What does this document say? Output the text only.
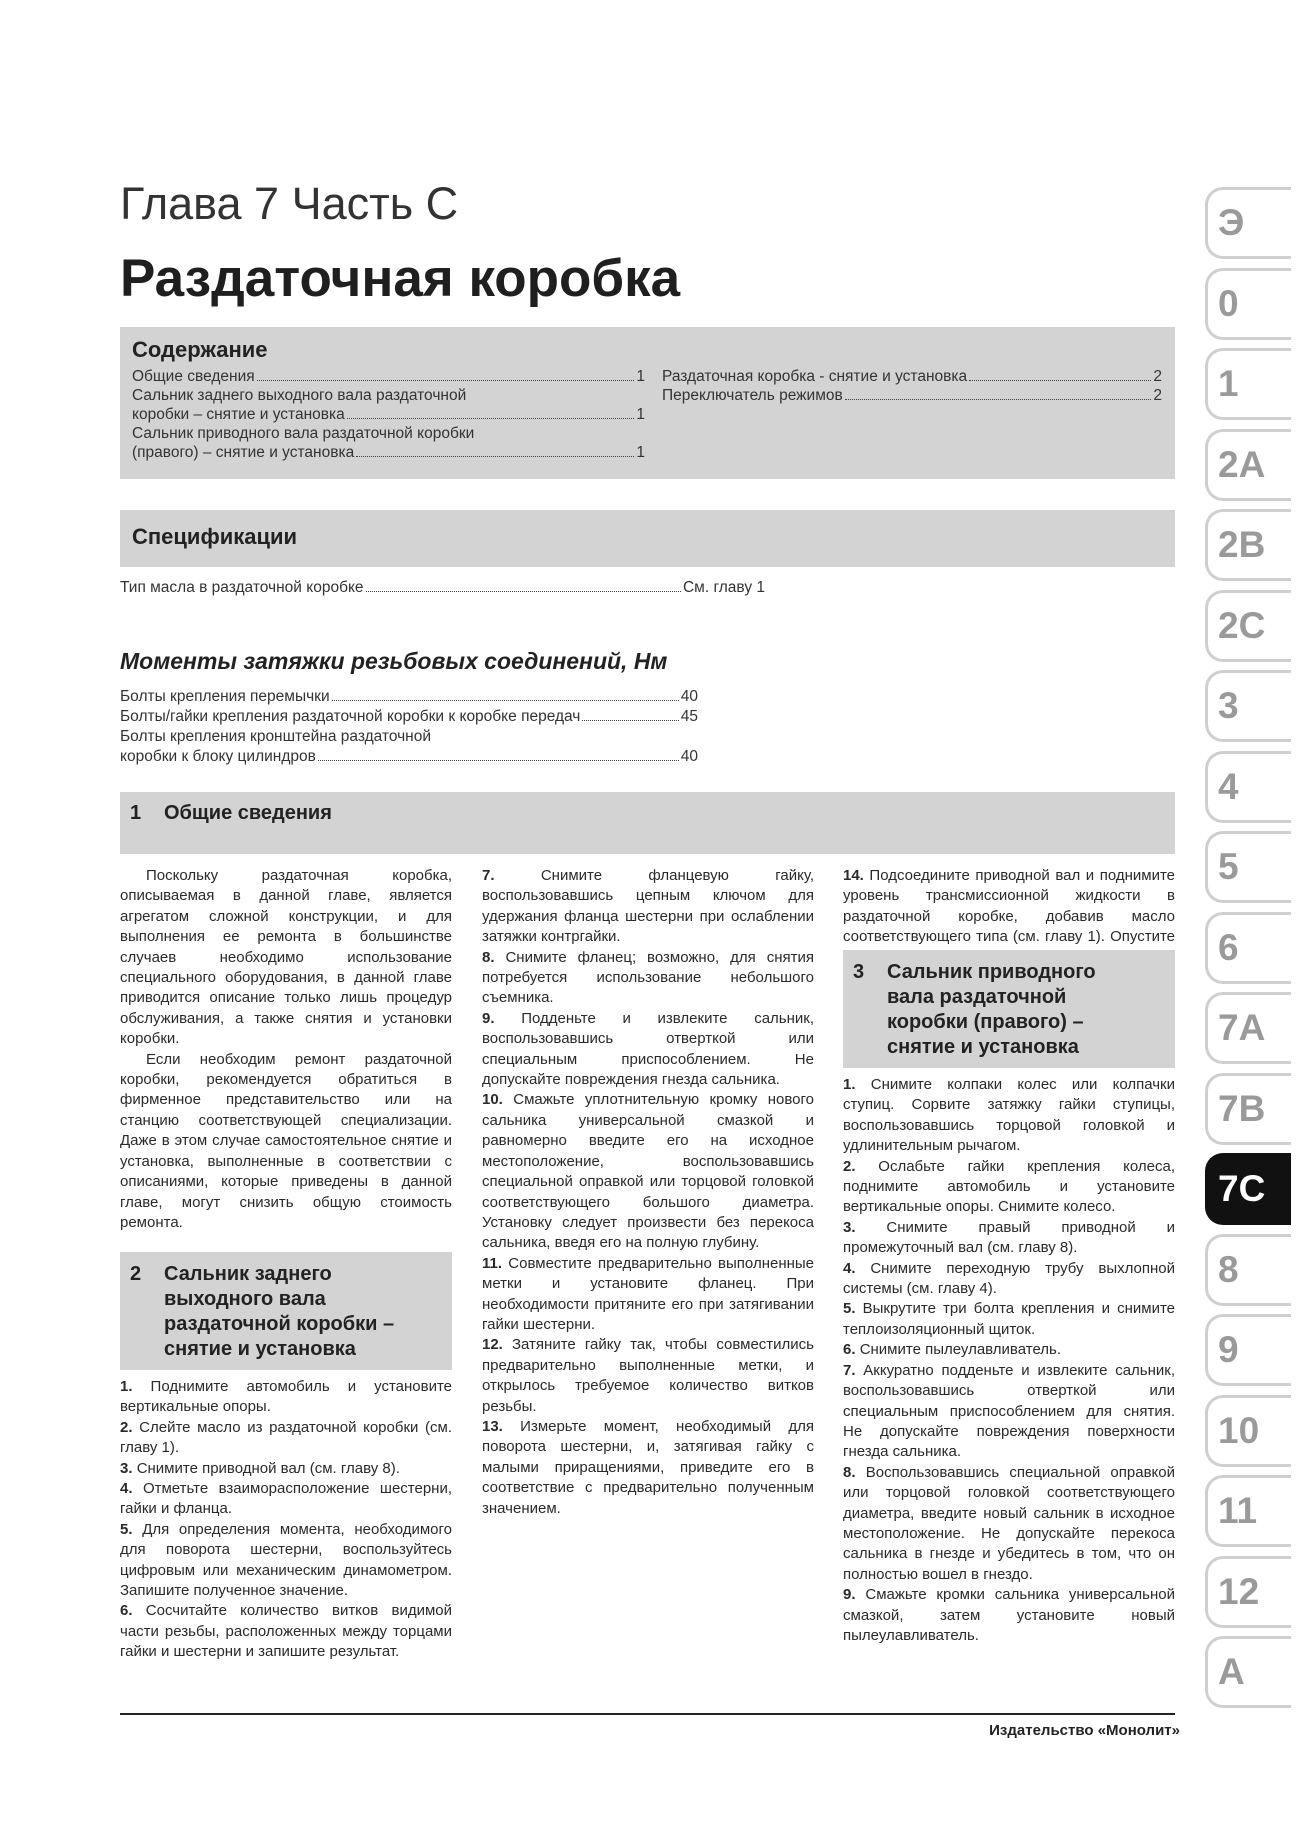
Глава 7 Часть С
Раздаточная коробка
Содержание
Общие сведения	1
Сальник заднего выходного вала раздаточной
коробки – снятие и установка	1
Сальник приводного вала раздаточной коробки
(правого) – снятие и установка	1
Раздаточная коробка - снятие и установка	2
Переключатель режимов	2
Спецификации
Тип масла в раздаточной коробке	См. главу 1
Моменты затяжки резьбовых соединений, Нм
Болты крепления перемычки	40
Болты/гайки крепления раздаточной коробки к коробке передач	45
Болты крепления кронштейна раздаточной
коробки к блоку цилиндров	40
1 Общие сведения

Поскольку раздаточная коробка, описываемая в данной главе, является агрегатом сложной конструкции, и для выполнения ее ремонта в большинстве случаев необходимо использование специального оборудования, в данной главе приводится описание только лишь процедур обслуживания, а также снятия и установки коробки.

Если необходим ремонт раздаточной коробки, рекомендуется обратиться в фирменное представительство или на станцию соответствующей специализации. Даже в этом случае самостоятельное снятие и установка, выполненные в соответствии с описаниями, которые приведены в данной главе, могут снизить общую стоимость ремонта.

2 Сальник заднего
выходного вала
раздаточной коробки –
снятие и установка

1. Поднимите автомобиль и установите вертикальные опоры.

2. Слейте масло из раздаточной коробки (см. главу 1).

3. Снимите приводной вал (см. главу 8).

4. Отметьте взаиморасположение шестерни, гайки и фланца.

5. Для определения момента, необходимого для поворота шестерни, воспользуйтесь цифровым или механическим динамометром. Запишите полученное значение.

6. Сосчитайте количество витков видимой части резьбы, расположенных между торцами гайки и шестерни и запишите результат.

7.	Снимите фланцевую гайку, воспользовавшись цепным ключом для удержания фланца шестерни при ослаблении затяжки контргайки.

8. Снимите фланец; возможно, для снятия потребуется использование небольшого съемника.

9. Подденьте и извлеките сальник, воспользовавшись отверткой или специальным приспособлением. Не допускайте повреждения гнезда сальника.

10. Смажьте уплотнительную кромку нового сальника универсальной смазкой и равномерно введите его на исходное местоположение, воспользовавшись специальной оправкой или торцовой головкой соответствующего большого диаметра. Установку следует произвести без перекоса сальника, введя его на полную глубину.

11. Совместите предварительно выполненные метки и установите фланец. При необходимости притяните его при затягивании гайки шестерни.

12. Затяните гайку так, чтобы совместились предварительно выполненные метки, и открылось требуемое количество витков резьбы.

13. Измерьте момент, необходимый для поворота шестерни, и, затягивая гайку с малыми приращениями, приведите его в соответствие с предварительно полученным значением.

14. Подсоедините приводной вал и поднимите уровень трансмиссионной жидкости в раздаточной коробке, добавив масло соответствующего типа (см. главу 1). Опустите

3 Сальник приводного
вала раздаточной
коробки (правого) –
снятие и установка

1. Снимите колпаки колес или колпачки ступиц. Сорвите затяжку гайки ступицы, воспользовавшись торцовой головкой и удлинительным рычагом.

2. Ослабьте гайки крепления колеса, поднимите автомобиль и установите вертикальные опоры. Снимите колесо.

3. Снимите правый приводной и промежуточный вал (см. главу 8).

4. Снимите переходную трубу выхлопной системы (см. главу 4).

5. Выкрутите три болта крепления и снимите теплоизоляционный щиток.

6. Снимите пылеулавливатель.

7. Аккуратно подденьте и извлеките сальник, воспользовавшись отверткой или специальным приспособлением для снятия. Не допускайте повреждения поверхности гнезда сальника.

8. Воспользовавшись специальной оправкой или торцовой головкой соответствующего диаметра, введите новый сальник в исходное местоположение. Не допускайте перекоса сальника в гнезде и убедитесь в том, что он полностью вошел в гнездо.

9. Смажьте кромки сальника универсальной смазкой, затем установите новый пылеулавливатель.

Э
0
1
2A
2B
2C
3
4
5
6
7A
7B
7C
8
9
10
11
12
A
Издательство «Монолит»
